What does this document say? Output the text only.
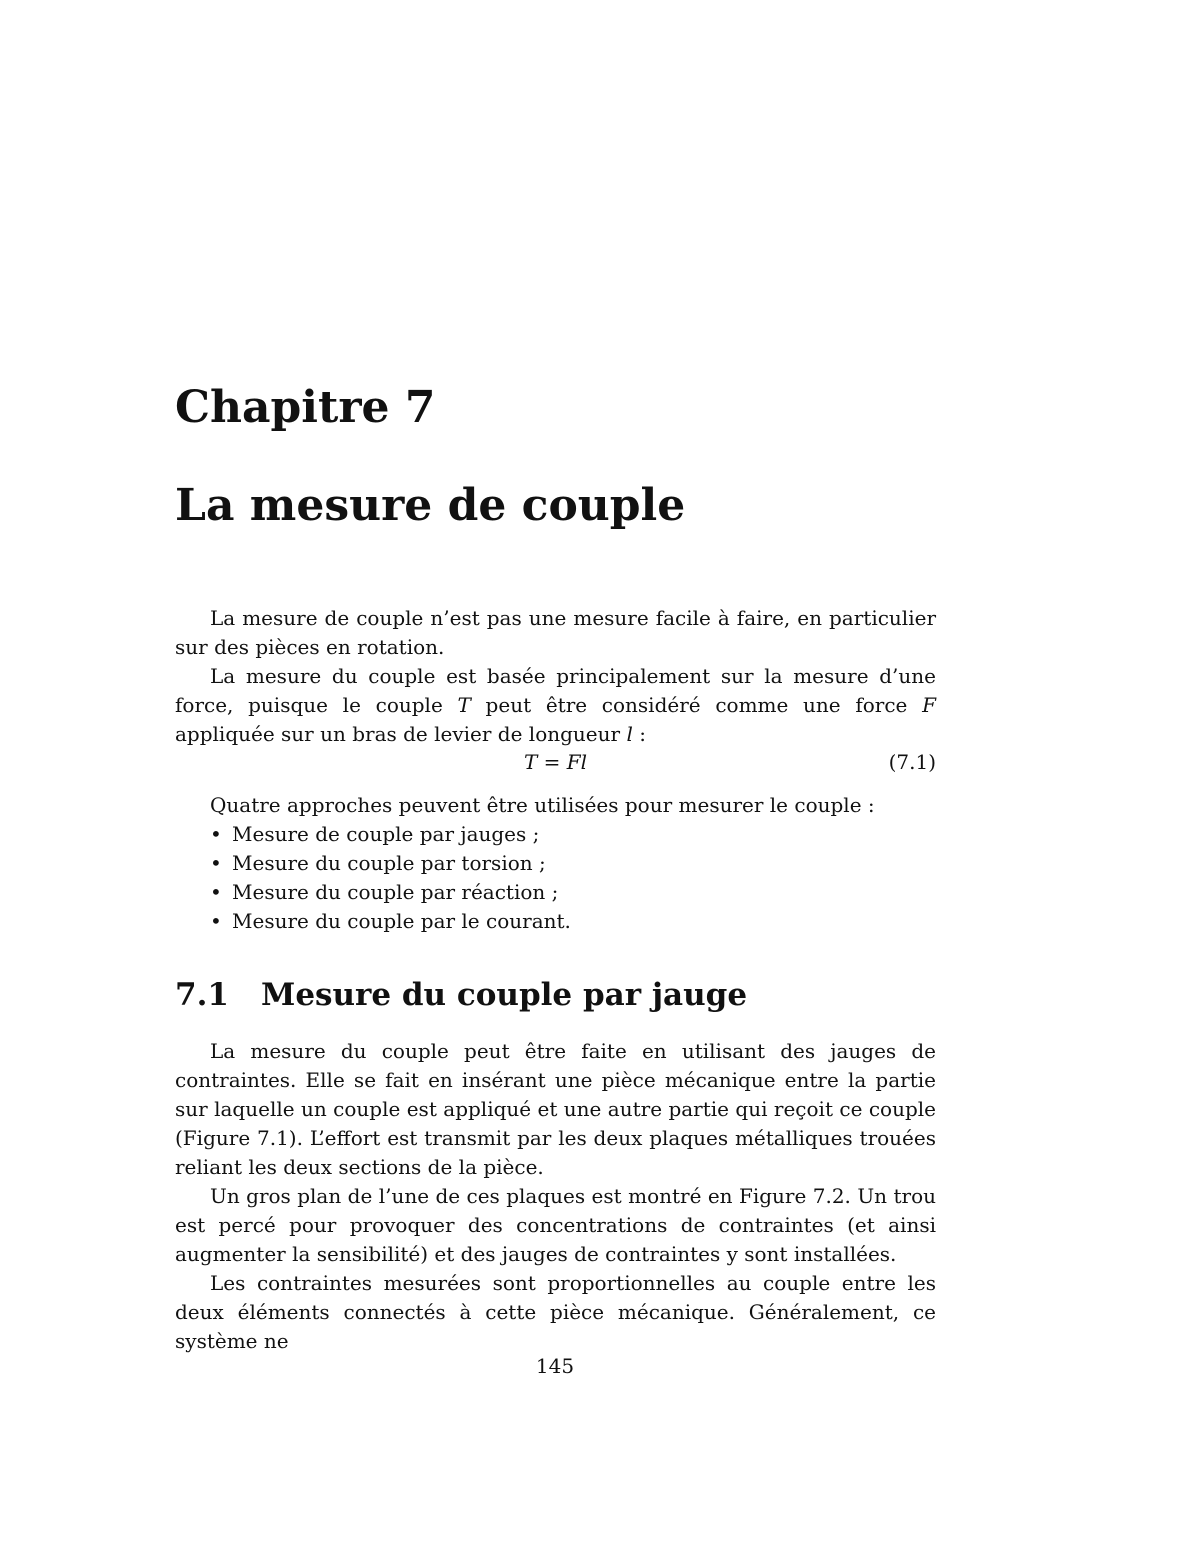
Chapitre 7
La mesure de couple

La mesure de couple n’est pas une mesure facile à faire, en particulier sur des pièces en rotation.

La mesure du couple est basée principalement sur la mesure d’une force, puisque le couple T peut être considéré comme une force F appliquée sur un bras de levier de longueur l :

T = Fl	(7.1)

Quatre approches peuvent être utilisées pour mesurer le couple :

• Mesure de couple par jauges ;
• Mesure du couple par torsion ;
• Mesure du couple par réaction ;
• Mesure du couple par le courant.
7.1 Mesure du couple par jauge

La mesure du couple peut être faite en utilisant des jauges de contraintes. Elle se fait en insérant une pièce mécanique entre la partie sur laquelle un couple est appliqué et une autre partie qui reçoit ce couple (Figure 7.1). L’effort est transmit par les deux plaques métalliques trouées reliant les deux sections de la pièce.

Un gros plan de l’une de ces plaques est montré en Figure 7.2. Un trou est percé pour provoquer des concentrations de contraintes (et ainsi augmenter la sensibilité) et des jauges de contraintes y sont installées.

Les contraintes mesurées sont proportionnelles au couple entre les deux éléments connectés à cette pièce mécanique. Généralement, ce système ne

145
